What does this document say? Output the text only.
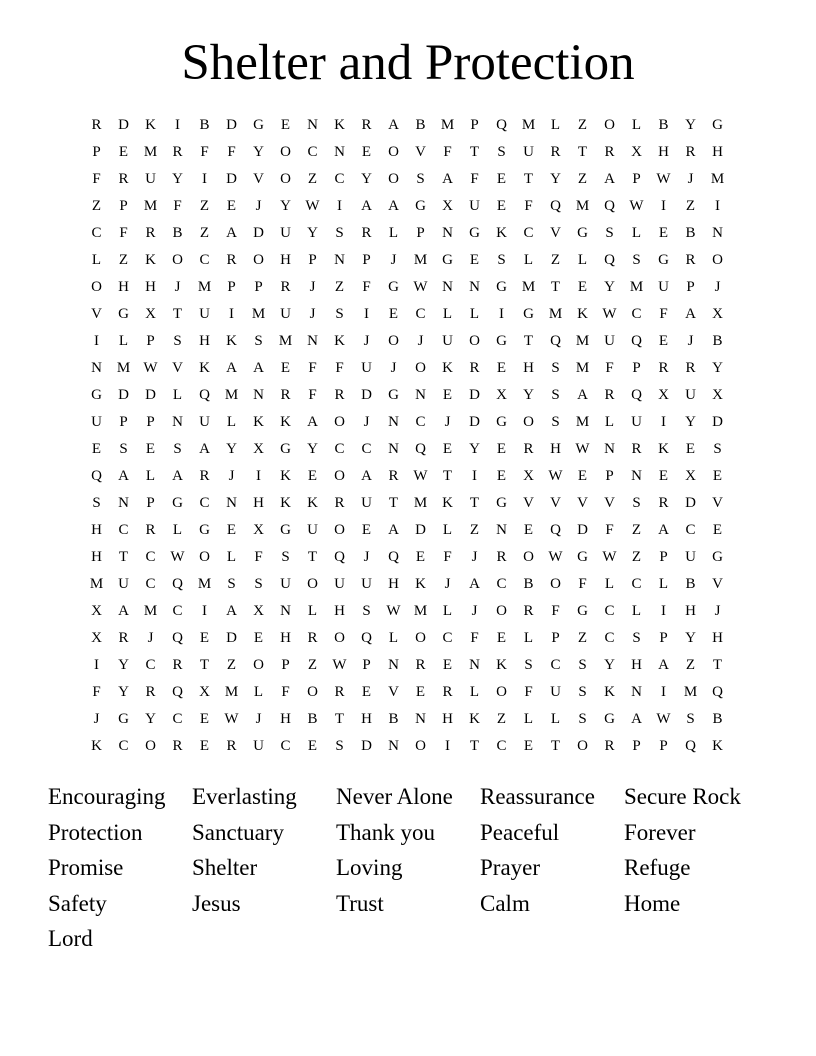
Shelter and Protection
R	D	K	I	B	D	G	E	N	K	R	A	B	M	P	Q M	L	Z	O	L	B	Y	G
P	E	M	R	F	F	Y	O	C	N	E	O	V	F	T	S	U	R	T	R	X	H	R	H
F	R	U	Y	I	D	V	O	Z	C	Y	O	S	A	F	E	T	Y	Z	A	P	W	J	M
Z	P	M	F	Z	E	J	Y W	I	A	A	G	X	U	E	F	Q M Q W	I	Z	I
C	F	R	B	Z	A	D	U	Y	S	R	L	P	N	G	K	C	V	G	S	L	E	B	N
L	Z	K	O	C	R	O	H	P	N	P	J	M G	E	S	L	Z	L	Q	S	G	R	O
O	H	H	J	M	P	P	R	J	Z	F	G W N	N	G M	T	E	Y M U	P	J
V	G	X	T	U	I	M U	J	S	I	E	C	L	L	I	G M K W C	F	A	X
I	L	P	S	H	K	S	M N	K	J	O	J	U	O	G	T	Q M U	Q	E	J	B
N M W V	K	A	A	E	F	F	U	J	O	K	R	E	H	S	M	F	P	R	R	Y
G	D	D	L	Q M N	R	F	R	D	G	N	E	D	X	Y	S	A	R	Q	X	U	X
U	P	P	N	U	L	K	K	A	O	J	N	C	J	D	G	O	S	M	L	U	I	Y	D
E	S	E	S	A	Y	X	G	Y	C	C	N	Q	E	Y	E	R	H W N	R	K	E	S
Q	A	L	A	R	J	I	K	E	O	A	R W	T	I	E	X W	E	P	N	E	X	E
S	N	P	G	C	N	H	K	K	R	U	T	M K	T	G	V	V	V	V	S	R	D	V
H	C	R	L	G	E	X	G	U	O	E	A	D	L	Z	N	E	Q	D	F	Z	A	C	E
H	T	C W O	L	F	S	T	Q	J	Q	E	F	J	R	O W G W	Z	P	U	G
M U	C	Q M	S	S	U	O	U	U	H	K	J	A	C	B	O	F	L	C	L	B	V
X	A M	C	I	A	X	N	L	H	S	W M	L	J	O	R	F	G	C	L	I	H	J
X	R	J	Q	E	D	E	H	R	O	Q	L	O	C	F	E	L	P	Z	C	S	P	Y	H
I	Y	C	R	T	Z	O	P	Z	W	P	N	R	E	N	K	S	C	S	Y	H	A	Z	T
F	Y	R	Q	X M	L	F	O	R	E	V	E	R	L	O	F	U	S	K	N	I	M Q
J	G	Y	C	E	W	J	H	B	T	H	B	N	H	K	Z	L	L	S	G	A W	S	B
K	C	O	R	E	R	U	C	E	S	D	N	O	I	T	C	E	T	O	R	P	P	Q	K
Encouraging	Everlasting	Never Alone	Reassurance	Secure Rock
Protection	Sanctuary	Thank you	Peaceful	Forever
Promise	Shelter	Loving	Prayer	Refuge
Safety	Jesus	Trust	Calm	Home
Lord
